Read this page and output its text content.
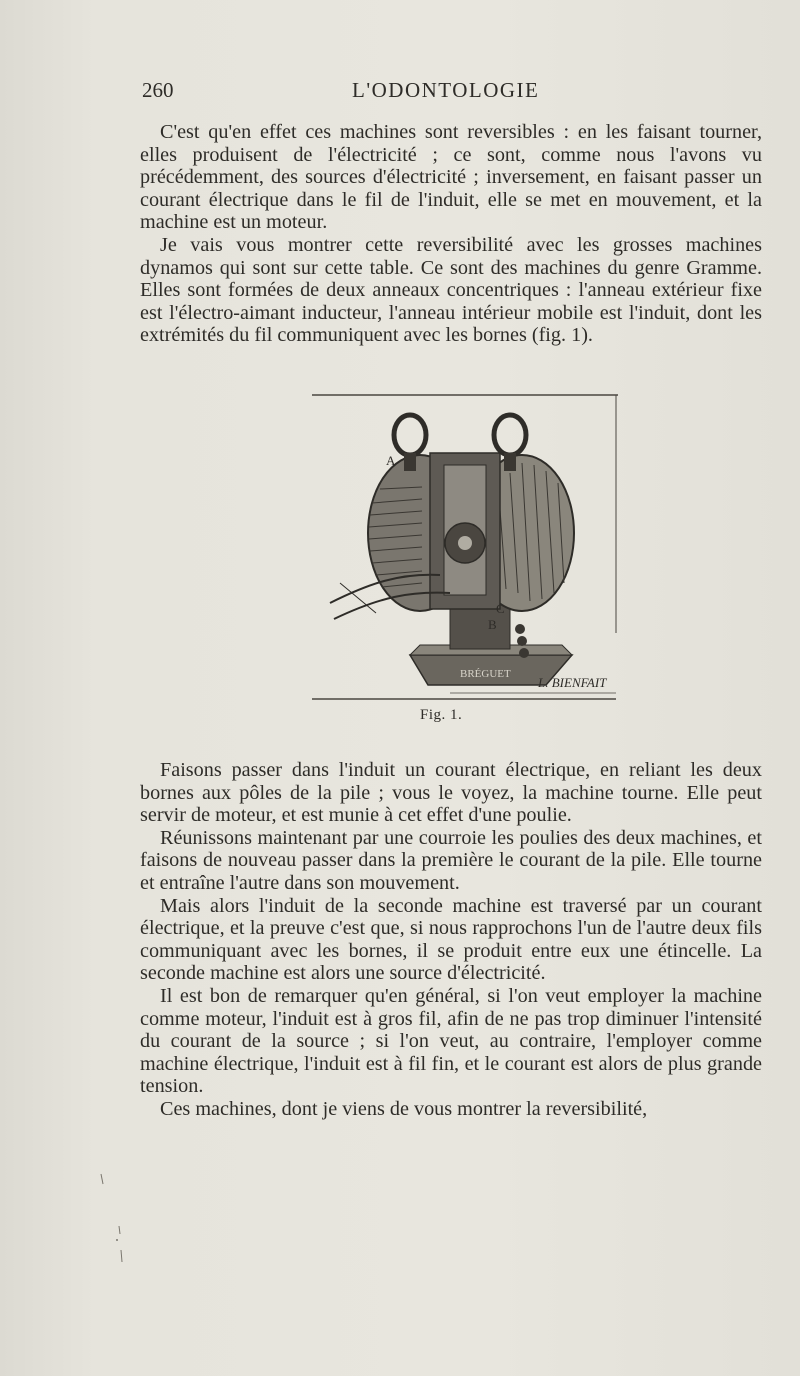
260	L'ODONTOLOGIE

C'est qu'en effet ces machines sont reversibles : en les faisant tourner, elles produisent de l'électricité ; ce sont, comme nous l'avons vu précédemment, des sources d'électricité ; inversement, en faisant passer un courant électrique dans le fil de l'induit, elle se met en mouvement, et la machine est un moteur.

Je vais vous montrer cette reversibilité avec les grosses machines dynamos qui sont sur cette table. Ce sont des machines du genre Gramme. Elles sont formées de deux anneaux concentriques : l'anneau extérieur fixe est l'électro-aimant inducteur, l'anneau intérieur mobile est l'induit, dont les extrémités du fil communiquent avec les bornes (fig. 1).

BRÉGUET
A
C
B
L. BIENFAIT
Fig. 1.

Faisons passer dans l'induit un courant électrique, en reliant les deux bornes aux pôles de la pile ; vous le voyez, la machine tourne. Elle peut servir de moteur, et est munie à cet effet d'une poulie.

Réunissons maintenant par une courroie les poulies des deux machines, et faisons de nouveau passer dans la première le courant de la pile. Elle tourne et entraîne l'autre dans son mouvement.

Mais alors l'induit de la seconde machine est traversé par un courant électrique, et la preuve c'est que, si nous rapprochons l'un de l'autre deux fils communiquant avec les bornes, il se produit entre eux une étincelle. La seconde machine est alors une source d'électricité.

Il est bon de remarquer qu'en général, si l'on veut employer la machine comme moteur, l'induit est à gros fil, afin de ne pas trop diminuer l'intensité du courant de la source ; si l'on veut, au contraire, l'employer comme machine électrique, l'induit est à fil fin, et le courant est alors de plus grande tension.

Ces machines, dont je viens de vous montrer la reversibilité,
